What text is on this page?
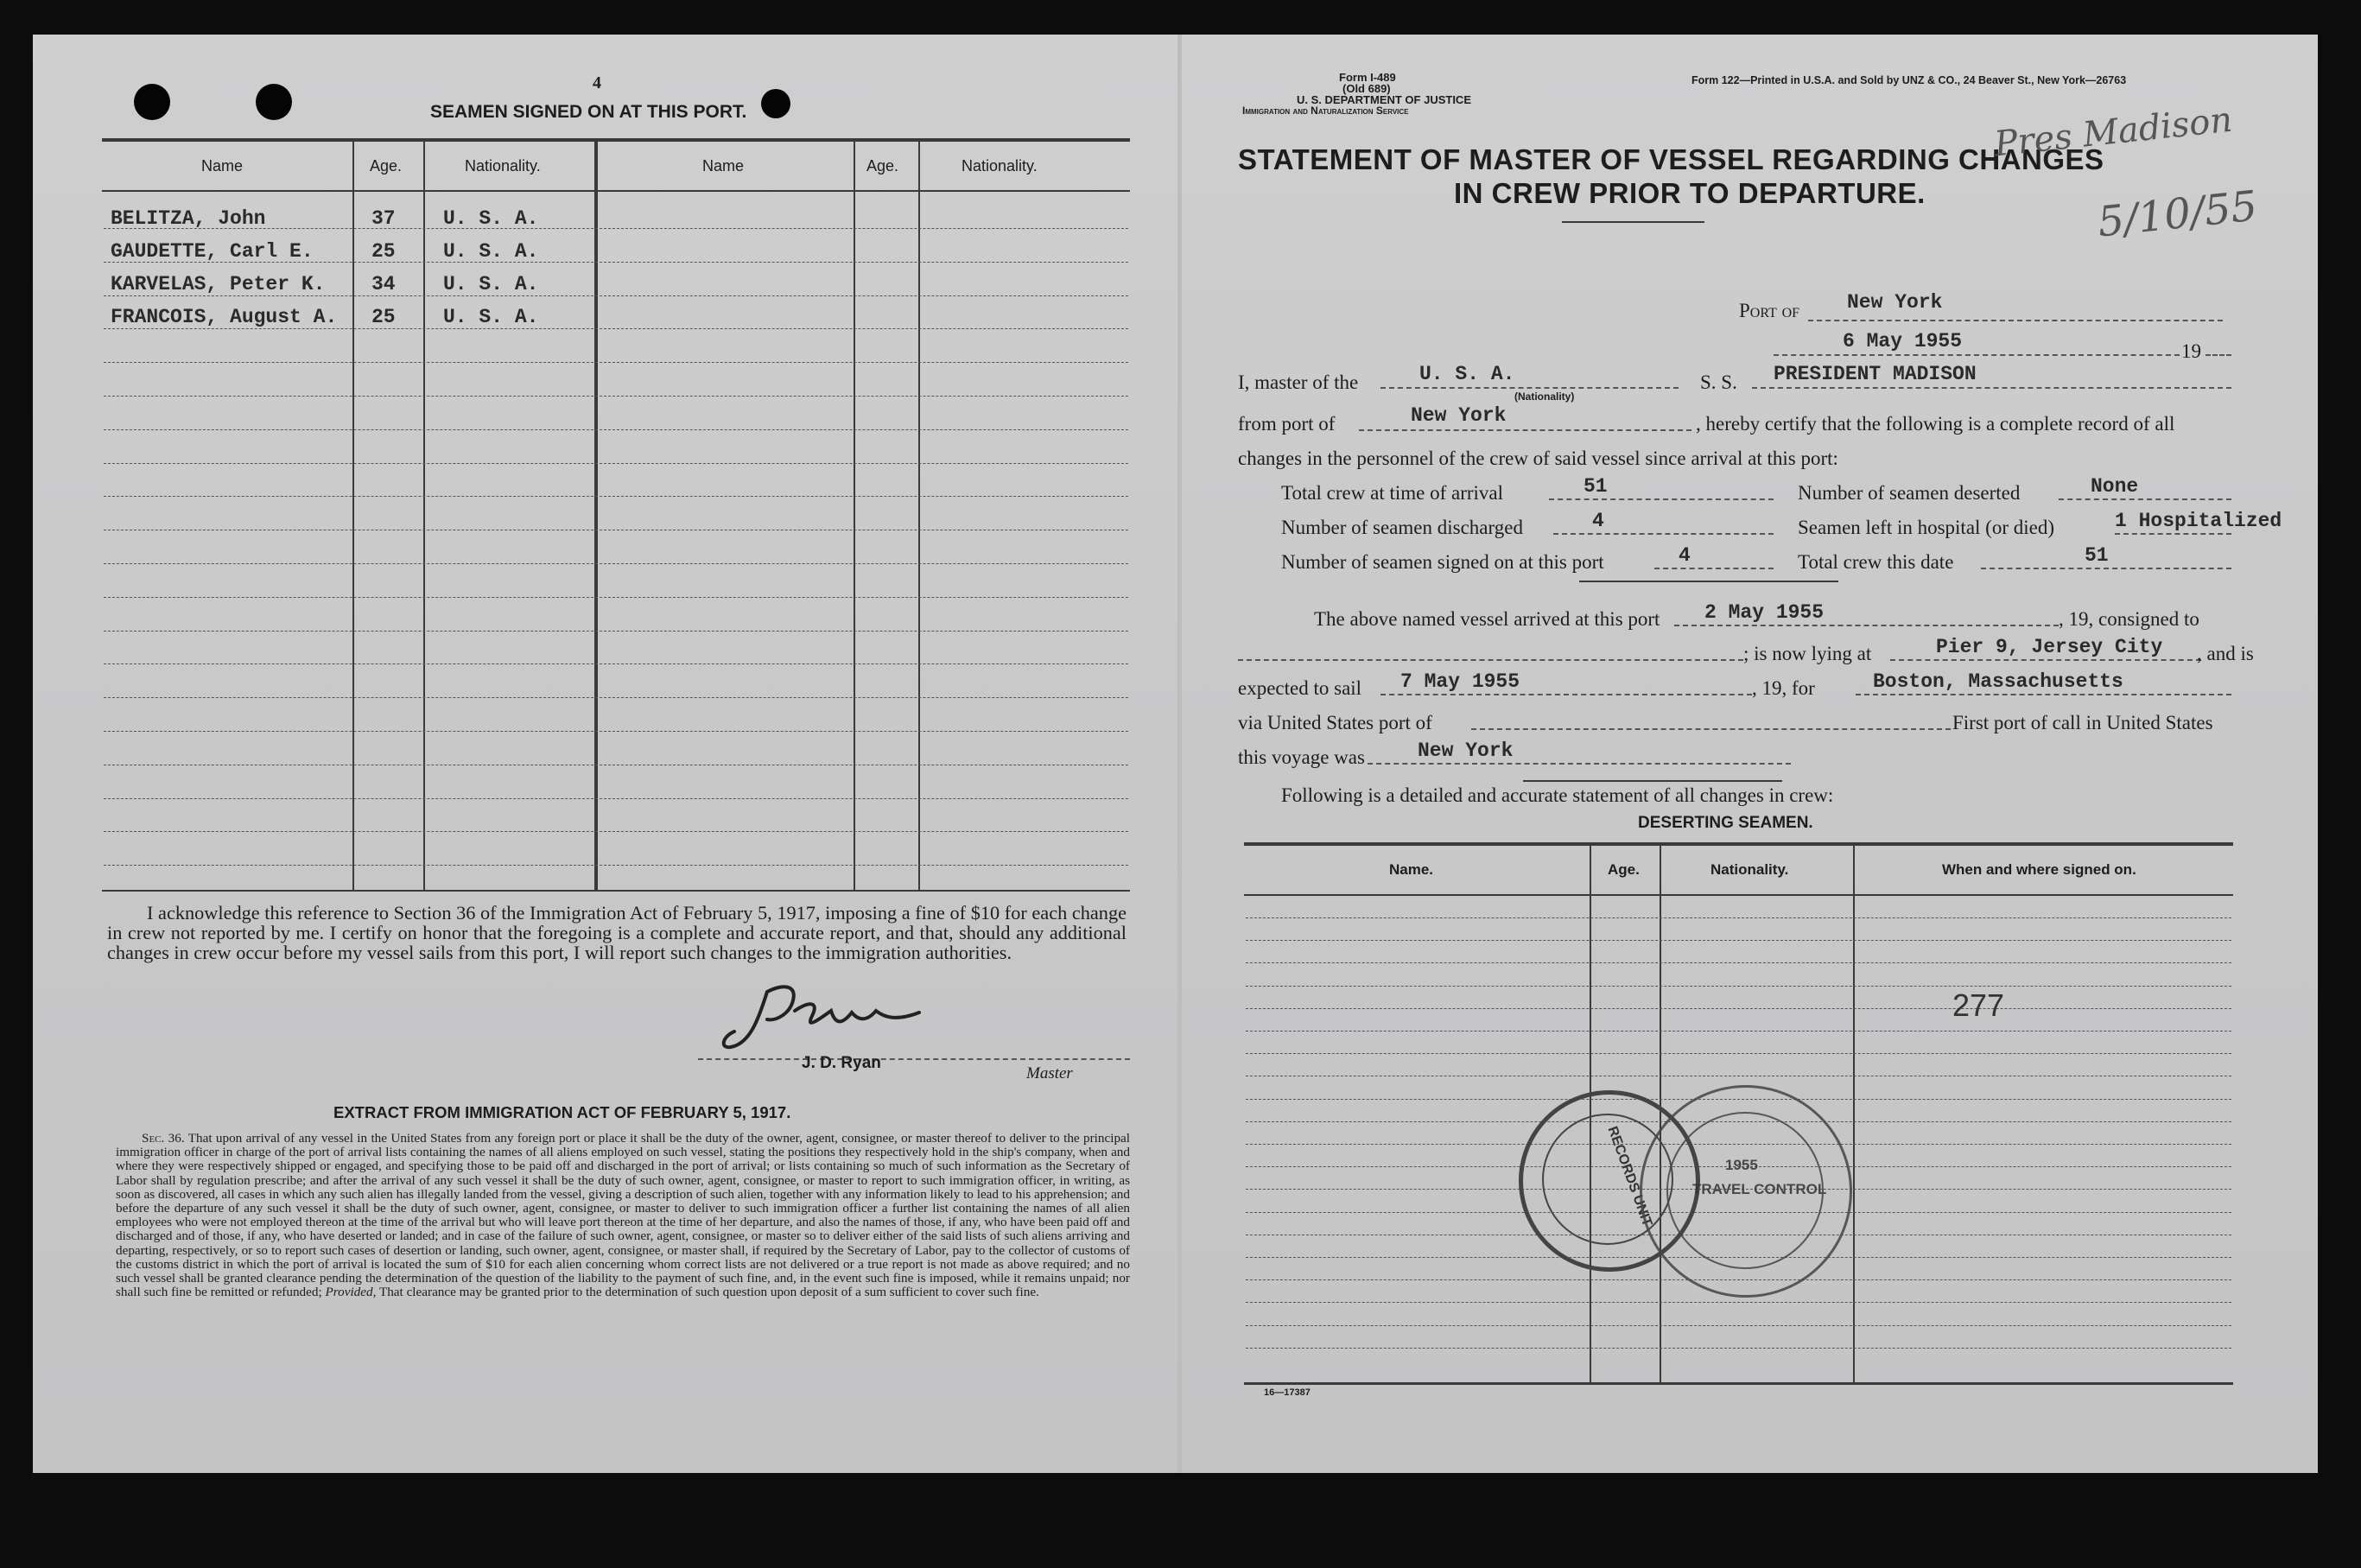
4
SEAMEN SIGNED ON AT THIS PORT.
Name	Age.	Nationality.	Name	Age.	Nationality.
BELITZA, John	37 U. S. A.
GAUDETTE, Carl E.	25 U. S. A.
KARVELAS, Peter K. 34 U. S. A.
FRANCOIS, August A. 25 U. S. A.
I acknowledge this reference to Section 36 of the Immigration Act of February 5, 1917, imposing a fine of $10 for each change in crew not reported by me. I certify on honor that the foregoing is a complete and accurate report, and that, should any additional changes in crew occur before my vessel sails from this port, I will report such changes to the immigration authorities.
J. D. Ryan
Master
EXTRACT FROM IMMIGRATION ACT OF FEBRUARY 5, 1917.
Sec. 36. That upon arrival of any vessel in the United States from any foreign port or place it shall be the duty of the owner, agent, consignee, or master thereof to deliver to the principal immigration officer in charge of the port of arrival lists containing the names of all aliens employed on such vessel, stating the positions they respectively hold in the ship's company, when and where they were respectively shipped or engaged, and specifying those to be paid off and discharged in the port of arrival; or lists containing so much of such information as the Secretary of Labor shall by regulation prescribe; and after the arrival of any such vessel it shall be the duty of such owner, agent, consignee, or master to report to such immigration officer, in writing, as soon as discovered, all cases in which any such alien has illegally landed from the vessel, giving a description of such alien, together with any information likely to lead to his apprehension; and before the departure of any such vessel it shall be the duty of such owner, agent, consignee, or master to deliver to such immigration officer a further list containing the names of all alien employees who were not employed thereon at the time of the arrival but who will leave port thereon at the time of her departure, and also the names of those, if any, who have been paid off and discharged and of those, if any, who have deserted or landed; and in case of the failure of such owner, agent, consignee, or master so to deliver either of the said lists of such aliens arriving and departing, respectively, or so to report such cases of desertion or landing, such owner, agent, consignee, or master shall, if required by the Secretary of Labor, pay to the collector of customs of the customs district in which the port of arrival is located the sum of $10 for each alien concerning whom correct lists are not delivered or a true report is not made as above required; and no such vessel shall be granted clearance pending the determination of the question of the liability to the payment of such fine, and, in the event such fine is imposed, while it remains unpaid; nor shall such fine be remitted or refunded; Provided, That clearance may be granted prior to the determination of such question upon deposit of a sum sufficient to cover such fine.
Form I-489
(Old 689)
U. S. DEPARTMENT OF JUSTICE
Immigration and Naturalization Service
Form 122—Printed in U.S.A. and Sold by UNZ & CO., 24 Beaver St., New York—26763
STATEMENT OF MASTER OF VESSEL REGARDING CHANGES
IN CREW PRIOR TO DEPARTURE.
Pres Madison
5/10/55
Port of New York
6 May 1955	19
I, master of the	U. S. A.
(Nationality)
S. S. PRESIDENT MADISON
from port of	New York	, hereby certify that the following is a complete record of all
changes in the personnel of the crew of said vessel since arrival at this port:
Total crew at time of arrival	51	Number of seamen deserted	None
Number of seamen discharged	4	Seamen left in hospital (or died)	1 Hospitalized
Number of seamen signed on at this port	4	Total crew this date	51
The above named vessel arrived at this port 2 May 1955	, 19, consigned to
; is now lying at	Pier 9, Jersey City , and is
expected to sail 7 May 1955	, 19, for	Boston, Massachusetts
via United States port of	First port of call in United States
this voyage was	New York
Following is a detailed and accurate statement of all changes in crew:
DESERTING SEAMEN.
Name.	Age.	Nationality.	When and where signed on.
277
RECORDS UNIT	TRAVEL CONTROL
1955
16—17387
